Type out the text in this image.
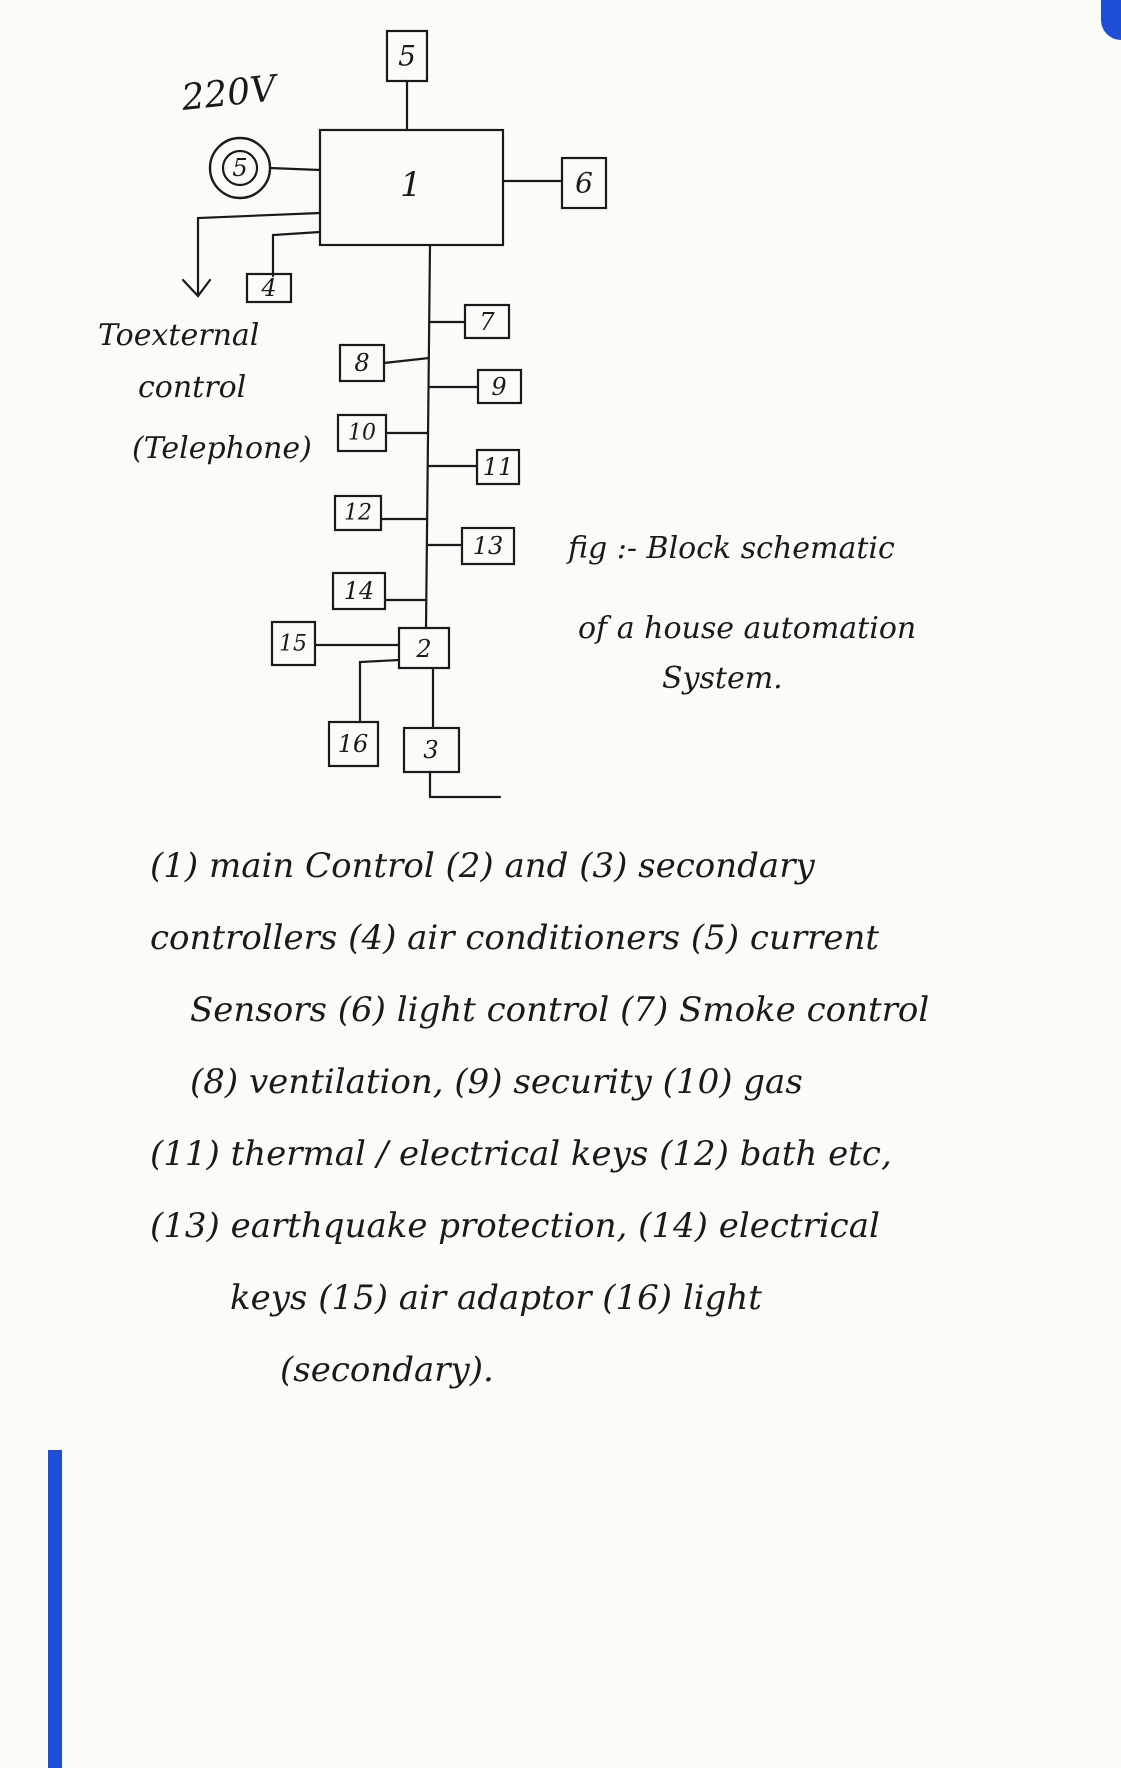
220V
5	1
5
6
4
Toexternal
control
(Telephone)
7
9
11
13
8
10
12
14
2
15
16 3
fig :- Block schematic
of a house automation
System.
(1) main Control (2) and (3) secondary
controllers (4) air conditioners (5) current
Sensors (6) light control (7) Smoke control
(8) ventilation, (9) security (10) gas
(11) thermal / electrical keys (12) bath etc,
(13) earthquake protection, (14) electrical
keys (15) air adaptor (16) light
(secondary).
